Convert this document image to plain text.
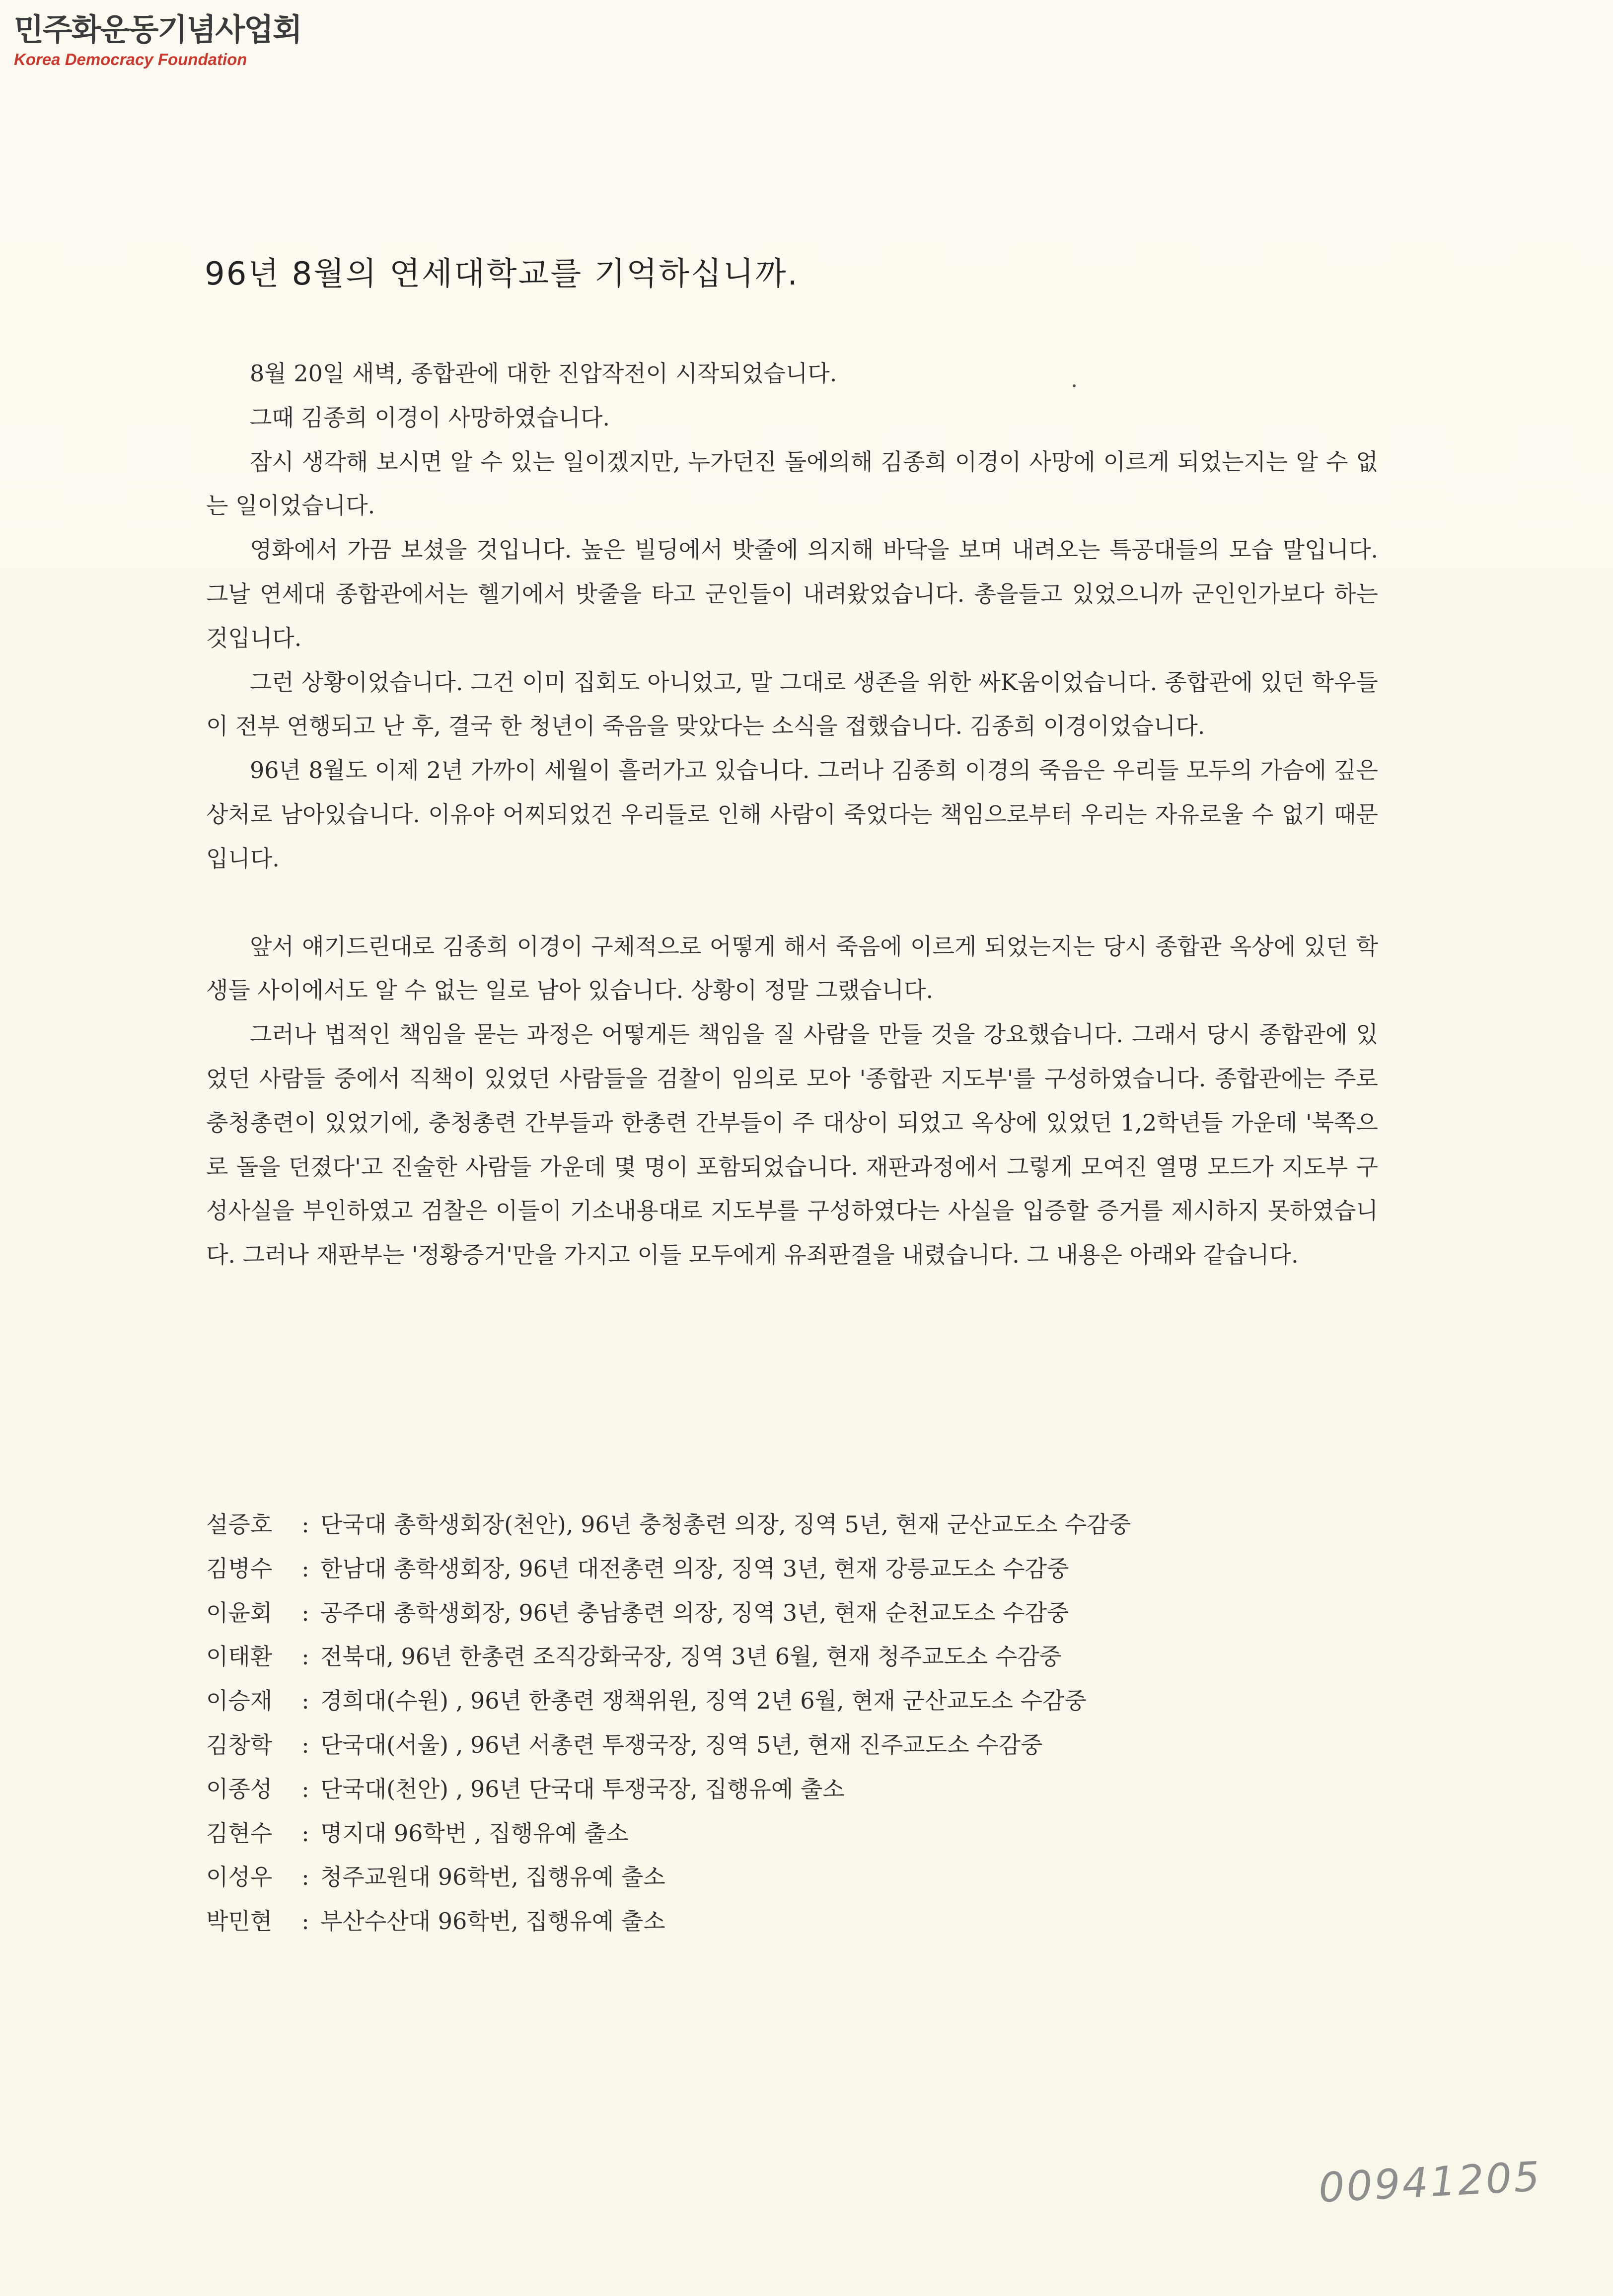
민주화운동기념사업회
Korea Democracy Foundation
96년 8월의 연세대학교를 기억하십니까.

8월 20일 새벽, 종합관에 대한 진압작전이 시작되었습니다.

그때 김종희 이경이 사망하였습니다.

잠시 생각해 보시면 알 수 있는 일이겠지만, 누가던진 돌에의해 김종희 이경이 사망에 이르게 되었는지는 알 수 없는 일이었습니다.

영화에서 가끔 보셨을 것입니다. 높은 빌딩에서 밧줄에 의지해 바닥을 보며 내려오는 특공대들의 모습 말입니다. 그날 연세대 종합관에서는 헬기에서 밧줄을 타고 군인들이 내려왔었습니다. 총을들고 있었으니까 군인인가보다 하는 것입니다.

그런 상황이었습니다. 그건 이미 집회도 아니었고, 말 그대로 생존을 위한 싸K움이었습니다. 종합관에 있던 학우들이 전부 연행되고 난 후, 결국 한 청년이 죽음을 맞았다는 소식을 접했습니다. 김종희 이경이었습니다.

96년 8월도 이제 2년 가까이 세월이 흘러가고 있습니다. 그러나 김종희 이경의 죽음은 우리들 모두의 가슴에 깊은 상처로 남아있습니다. 이유야 어찌되었건 우리들로 인해 사람이 죽었다는 책임으로부터 우리는 자유로울 수 없기 때문입니다.

앞서 얘기드린대로 김종희 이경이 구체적으로 어떻게 해서 죽음에 이르게 되었는지는 당시 종합관 옥상에 있던 학생들 사이에서도 알 수 없는 일로 남아 있습니다. 상황이 정말 그랬습니다.

그러나 법적인 책임을 묻는 과정은 어떻게든 책임을 질 사람을 만들 것을 강요했습니다. 그래서 당시 종합관에 있었던 사람들 중에서 직책이 있었던 사람들을 검찰이 임의로 모아 '종합관 지도부'를 구성하였습니다. 종합관에는 주로 충청총련이 있었기에, 충청총련 간부들과 한총련 간부들이 주 대상이 되었고 옥상에 있었던 1,2학년들 가운데 '북쪽으로 돌을 던졌다'고 진술한 사람들 가운데 몇 명이 포함되었습니다. 재판과정에서 그렇게 모여진 열명 모드가 지도부 구성사실을 부인하였고 검찰은 이들이 기소내용대로 지도부를 구성하였다는 사실을 입증할 증거를 제시하지 못하였습니다. 그러나 재판부는 '정황증거'만을 가지고 이들 모두에게 유죄판결을 내렸습니다. 그 내용은 아래와 같습니다.

설증호	: 단국대 총학생회장(천안), 96년 충청총련 의장, 징역 5년, 현재 군산교도소 수감중
김병수	: 한남대 총학생회장, 96년 대전총련 의장, 징역 3년, 현재 강릉교도소 수감중
이윤회	: 공주대 총학생회장, 96년 충남총련 의장, 징역 3년, 현재 순천교도소 수감중
이태환	: 전북대, 96년 한총련 조직강화국장, 징역 3년 6월, 현재 청주교도소 수감중
이승재	: 경희대(수원) , 96년 한총련 쟁책위원, 징역 2년 6월, 현재 군산교도소 수감중
김창학	: 단국대(서울) , 96년 서총련 투쟁국장, 징역 5년, 현재 진주교도소 수감중
이종성	: 단국대(천안) , 96년 단국대 투쟁국장, 집행유예 출소
김현수	: 명지대 96학번 , 집행유예 출소
이성우	: 청주교원대 96학번, 집행유예 출소
박민현	: 부산수산대 96학번, 집행유예 출소
00941205
